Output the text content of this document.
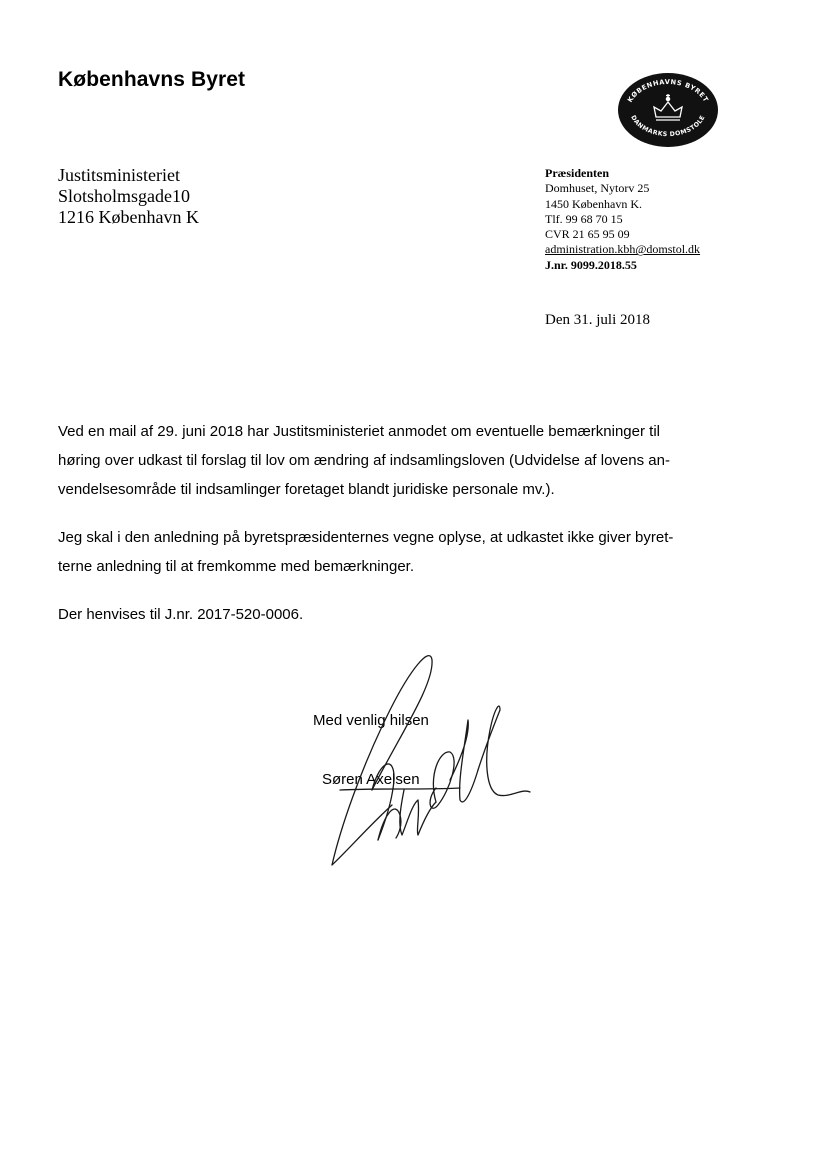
Københavns Byret
KØBENHAVNS BYRET
DANMARKS DOMSTOLE
Justitsministeriet
Slotsholmsgade10
1216 København K
Præsidenten
Domhuset, Nytorv 25
1450 København K.
Tlf. 99 68 70 15
CVR 21 65 95 09
administration.kbh@domstol.dk
J.nr. 9099.2018.55
Den 31. juli 2018

Ved en mail af 29. juni 2018 har Justitsministeriet anmodet om eventuelle bemærkninger til
høring over udkast til forslag til lov om ændring af indsamlingsloven (Udvidelse af lovens an-
vendelsesområde til indsamlinger foretaget blandt juridiske personale mv.).

Jeg skal i den anledning på byretspræsidenternes vegne oplyse, at udkastet ikke giver byret-
terne anledning til at fremkomme med bemærkninger.

Der henvises til J.nr. 2017-520-0006.

Med venlig hilsen
Søren Axelsen
